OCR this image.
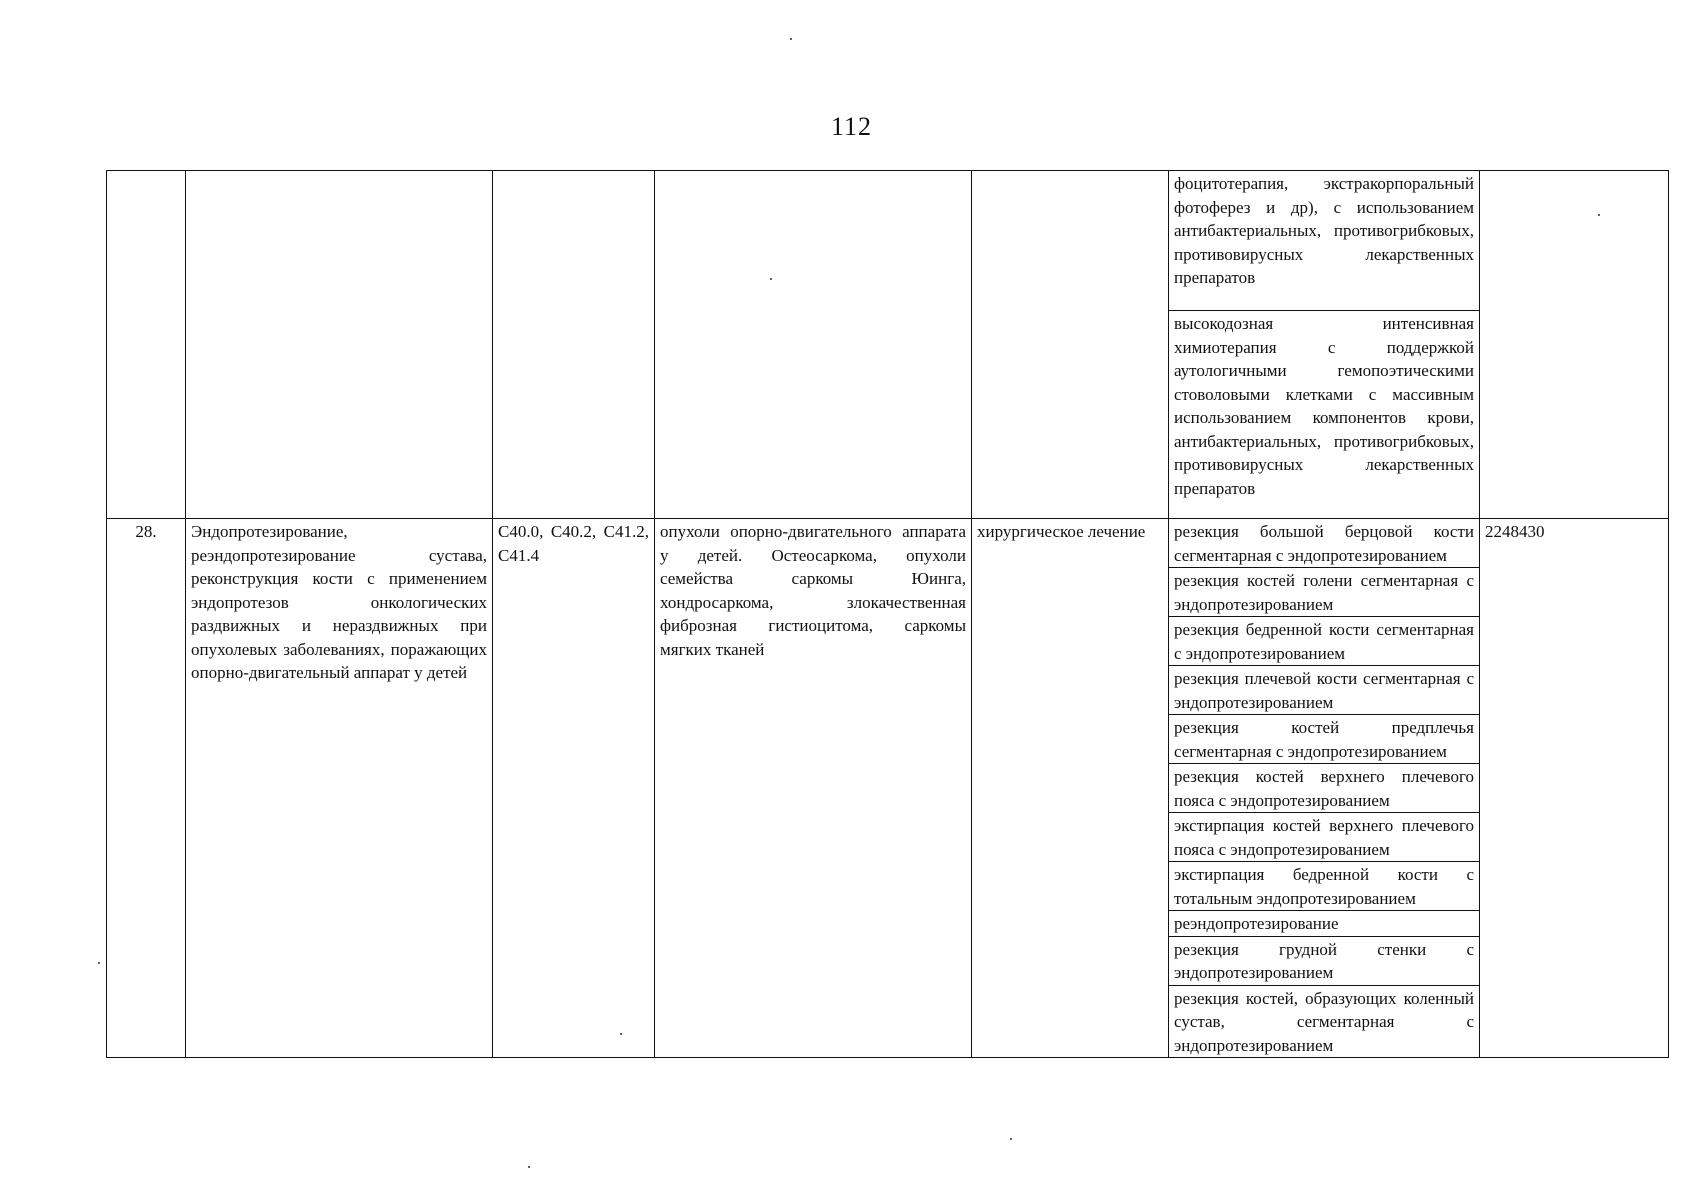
112
					фоцитотерапия, экстракорпоральный фотоферез и др), с использованием антибактериальных, противогрибковых, противовирусных лекарственных препаратов	
					высокодозная интенсивная химиотерапия с поддержкой аутологичными гемопоэтическими стоволовыми клетками с массивным использованием компонентов крови, антибактериальных, противогрибковых, противовирусных лекарственных препаратов	
28.	Эндопротезирование, реэндопротезирование сустава, реконструкция кости с применением эндопротезов онкологических раздвижных и нераздвижных при опухолевых заболеваниях, поражающих опорно-двигательный аппарат у детей	C40.0, C40.2, C41.2, C41.4	опухоли опорно-двигательного аппарата у детей. Остеосаркома, опухоли семейства саркомы Юинга, хондросаркома, злокачественная фиброзная гистиоцитома, саркомы мягких тканей	хирургическое лечение	резекция большой берцовой кости сегментарная с эндопротезированием	2248430
					резекция костей голени сегментарная с эндопротезированием	
					резекция бедренной кости сегментарная с эндопротезированием	
					резекция плечевой кости сегментарная с эндопротезированием	
					резекция костей предплечья сегментарная с эндопротезированием	
					резекция костей верхнего плечевого пояса с эндопротезированием	
					экстирпация костей верхнего плечевого пояса с эндопротезированием	
					экстирпация бедренной кости с тотальным эндопротезированием	
					реэндопротезирование	
					резекция грудной стенки с эндопротезированием	
					резекция костей, образующих коленный сустав, сегментарная с эндопротезированием	
